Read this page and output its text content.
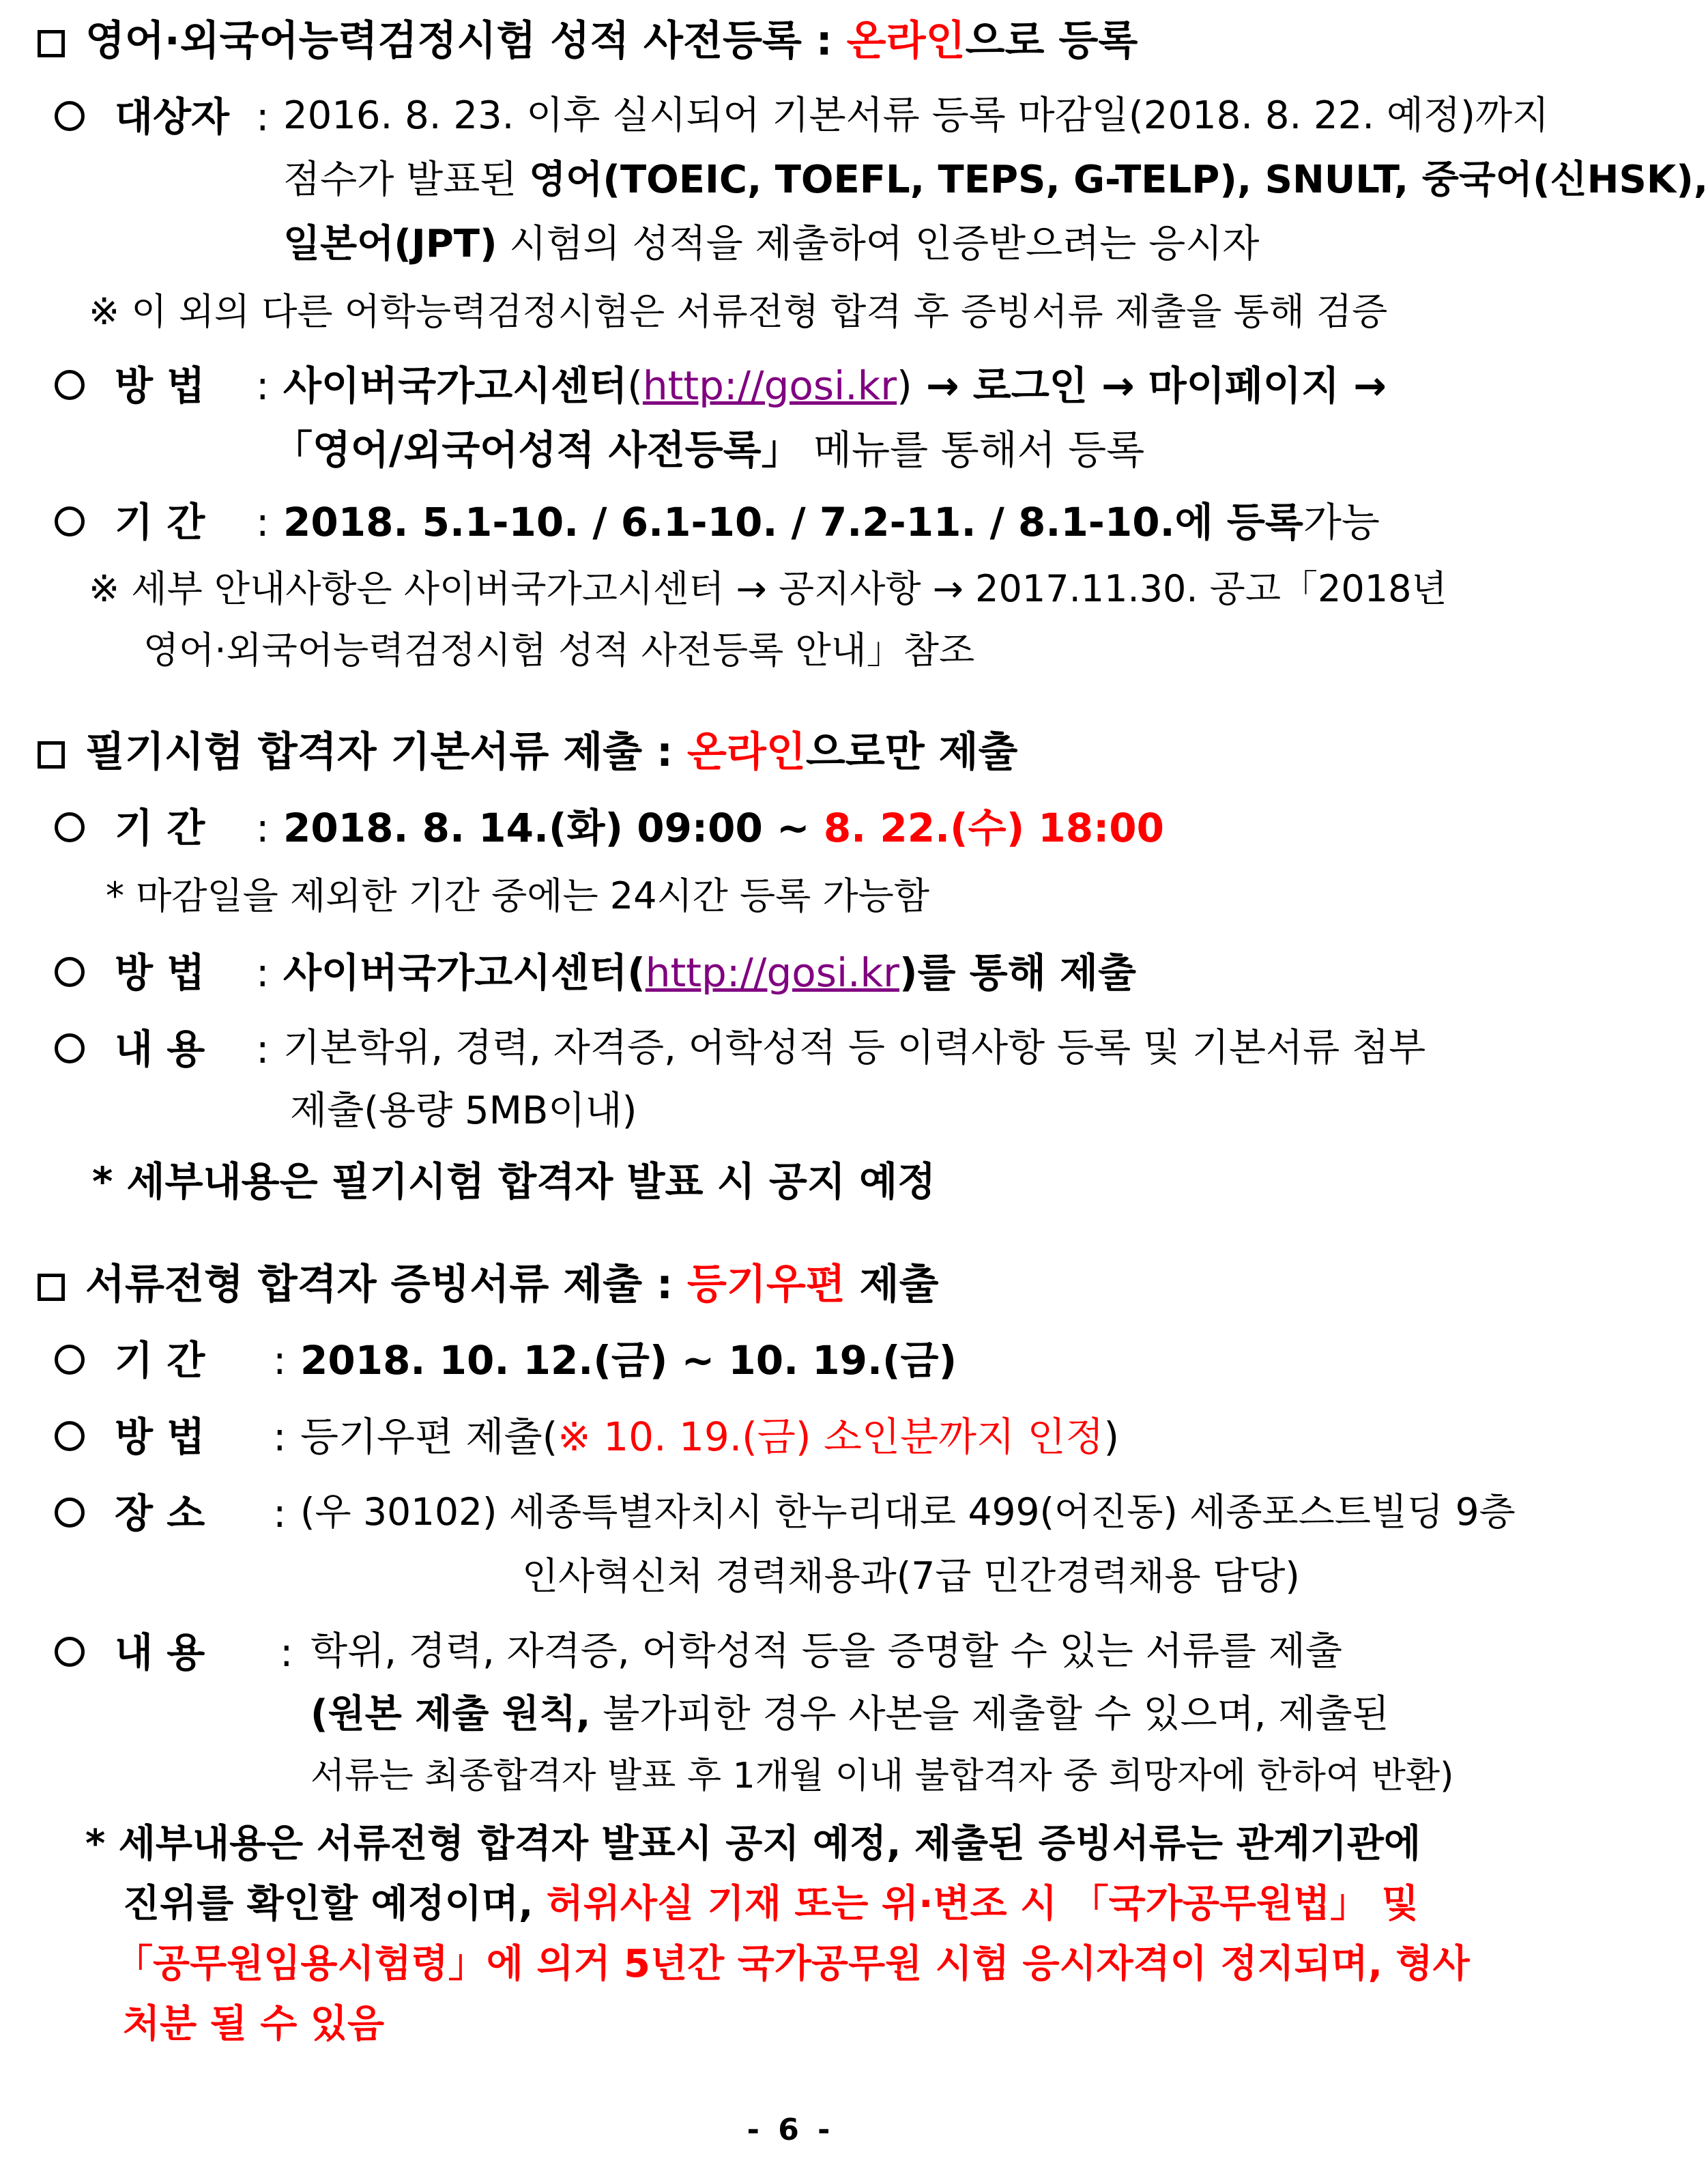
영어·외국어능력검정시험 성적 사전등록 : 온라인으로 등록
대상자 : 2016. 8. 23. 이후 실시되어 기본서류 등록 마감일(2018. 8. 22. 예정)까지
점수가 발표된 영어(TOEIC, TOEFL, TEPS, G-TELP), SNULT, 중국어(신HSK),
일본어(JPT) 시험의 성적을 제출하여 인증받으려는 응시자
※ 이 외의 다른 어학능력검정시험은 서류전형 합격 후 증빙서류 제출을 통해 검증
방 법 : 사이버국가고시센터(http://gosi.kr) → 로그인 → 마이페이지 →
「영어/외국어성적 사전등록」 메뉴를 통해서 등록
기 간 : 2018. 5.1-10. / 6.1-10. / 7.2-11. / 8.1-10.에 등록가능
※ 세부 안내사항은 사이버국가고시센터 → 공지사항 → 2017.11.30. 공고「2018년
영어·외국어능력검정시험 성적 사전등록 안내」참조
필기시험 합격자 기본서류 제출 : 온라인으로만 제출
기 간 : 2018. 8. 14.(화) 09:00 ~ 8. 22.(수) 18:00
* 마감일을 제외한 기간 중에는 24시간 등록 가능함
방 법 : 사이버국가고시센터(http://gosi.kr)를 통해 제출
내 용 : 기본학위, 경력, 자격증, 어학성적 등 이력사항 등록 및 기본서류 첨부
제출(용량 5MB이내)
* 세부내용은 필기시험 합격자 발표 시 공지 예정
서류전형 합격자 증빙서류 제출 : 등기우편 제출
기 간 : 2018. 10. 12.(금) ~ 10. 19.(금)
방 법 : 등기우편 제출(※ 10. 19.(금) 소인분까지 인정)
장 소 : (우 30102) 세종특별자치시 한누리대로 499(어진동) 세종포스트빌딩 9층
인사혁신처 경력채용과(7급 민간경력채용 담당)
내 용 : 학위, 경력, 자격증, 어학성적 등을 증명할 수 있는 서류를 제출
(원본 제출 원칙, 불가피한 경우 사본을 제출할 수 있으며, 제출된
서류는 최종합격자 발표 후 1개월 이내 불합격자 중 희망자에 한하여 반환)
* 세부내용은 서류전형 합격자 발표시 공지 예정, 제출된 증빙서류는 관계기관에
진위를 확인할 예정이며, 허위사실 기재 또는 위·변조 시 「국가공무원법」 및
「공무원임용시험령」에 의거 5년간 국가공무원 시험 응시자격이 정지되며, 형사
처분 될 수 있음
- 6 -
